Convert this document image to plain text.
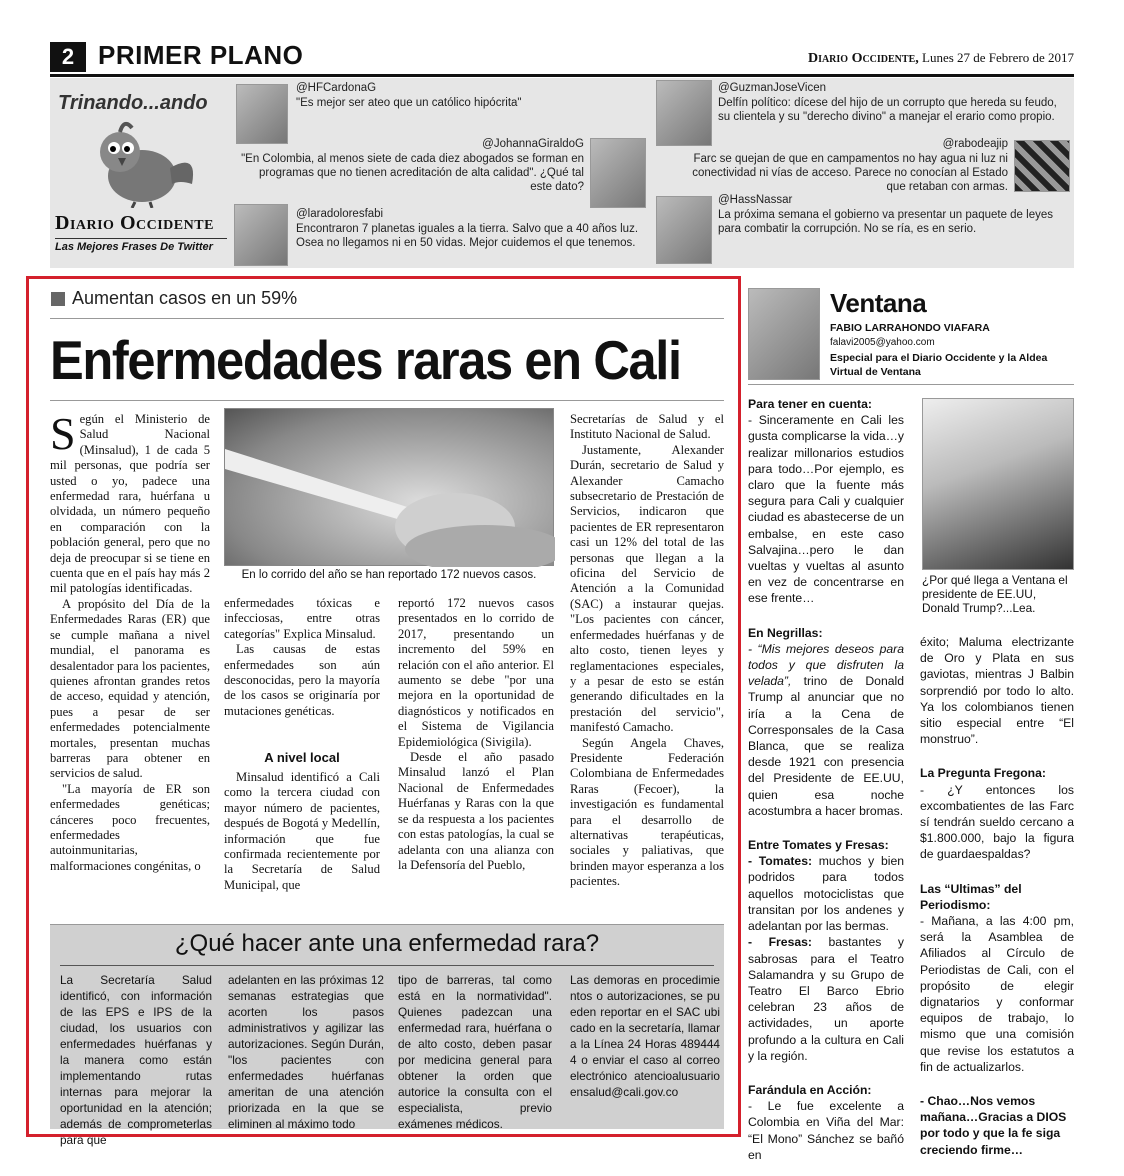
2 PRIMER PLANO	Diario Occidente, Lunes 27 de Febrero de 2017
Trinando...ando
Diario Occidente
Las Mejores Frases De Twitter
@HFCardonaG
"Es mejor ser ateo que un católico hipócrita"
@JohannaGiraldoG
"En Colombia, al menos siete de cada diez abogados se forman en programas que no tienen acreditación de alta calidad". ¿Qué tal este dato?
@laradoloresfabi
Encontraron 7 planetas iguales a la tierra. Salvo que a 40 años luz. Osea no llegamos ni en 50 vidas. Mejor cuidemos el que tenemos.
@GuzmanJoseVicen
Delfín político: dícese del hijo de un corrupto que hereda su feudo, su clientela y su "derecho divino" a manejar el erario como propio.
@rabodeajip
Farc se quejan de que en campamentos no hay agua ni luz ni conectividad ni vías de acceso. Parece no conocían al Estado que retaban con armas.
@HassNassar
La próxima semana el gobierno va presentar un paquete de leyes para combatir la corrupción. No se ría, es en serio.
Aumentan casos en un 59%
Enfermedades raras en Cali

Según el Ministerio de Salud Nacional (Minsalud), 1 de cada 5 mil personas, que podría ser usted o yo, padece una enfermedad rara, huérfana u olvidada, un número pequeño en comparación con la población general, pero que no deja de preocupar si se tiene en cuenta que en el país hay más 2 mil patologías identificadas.

A propósito del Día de la Enfermedades Raras (ER) que se cumple mañana a nivel mundial, el panorama es desalentador para los pacientes, quienes afrontan grandes retos de acceso, equidad y atención, pues a pesar de ser enfermedades potencialmente mortales, presentan muchas barreras para obtener en servicios de salud.

"La mayoría de ER son enfermedades genéticas; cánceres poco frecuentes, enfermedades autoinmunitarias, malformaciones congénitas, o

En lo corrido del año se han reportado 172 nuevos casos.

enfermedades tóxicas e infecciosas, entre otras categorías" Explica Minsalud.

Las causas de estas enfermedades son aún desconocidas, pero la mayoría de los casos se originaría por mutaciones genéticas.

A nivel local

Minsalud identificó a Cali como la tercera ciudad con mayor número de pacientes, después de Bogotá y Medellín, información que fue confirmada recientemente por la Secretaría de Salud Municipal, que

reportó 172 nuevos casos presentados en lo corrido de 2017, presentando un incremento del 59% en relación con el año anterior. El aumento se debe "por una mejora en la oportunidad de diagnósticos y notificados en el Sistema de Vigilancia Epidemiológica (Sivigila).

Desde el año pasado Minsalud lanzó el Plan Nacional de Enfermedades Huérfanas y Raras con la que se da respuesta a los pacientes con estas patologías, la cual se adelanta con una alianza con la Defensoría del Pueblo,

Secretarías de Salud y el Instituto Nacional de Salud.

Justamente, Alexander Durán, secretario de Salud y Alexander Camacho subsecretario de Prestación de Servicios, indicaron que pacientes de ER representaron casi un 12% del total de las personas que llegan a la oficina del Servicio de Atención a la Comunidad (SAC) a instaurar quejas. "Los pacientes con cáncer, enfermedades huérfanas y de alto costo, tienen leyes y reglamentaciones especiales, y a pesar de esto se están generando dificultades en la prestación del servicio", manifestó Camacho.

Según Angela Chaves, Presidente Federación Colombiana de Enfermedades Raras (Fecoer), la investigación es fundamental para el desarrollo de alternativas terapéuticas, sociales y paliativas, que brinden mayor esperanza a los pacientes.

¿Qué hacer ante una enfermedad rara?
La Secretaría Salud identificó, con información de las EPS e IPS de la ciudad, los usuarios con enfermedades huérfanas y la manera como están implementando rutas internas para mejorar la oportunidad en la atención; además de comprometerlas para que
adelanten en las próximas 12 semanas estrategias que acorten los pasos administrativos y agilizar las autorizaciones. Según Durán, "los pacientes con enfermedades huérfanas ameritan de una atención priorizada en la que se eliminen al máximo todo
tipo de barreras, tal como está en la normatividad". Quienes padezcan una enfermedad rara, huérfana o de alto costo, deben pasar por medicina general para obtener la orden que autorice la consulta con el especialista, previo exámenes médicos.
Las demoras en procedimientos o autorizaciones, se pueden reportar en el SAC ubicado en la secretaría, llamar a la Línea 24 Horas 4894444 o enviar el caso al correo electrónico atencioalusuarioensalud@cali.gov.co
Ventana
FABIO LARRAHONDO VIAFARA
falavi2005@yahoo.com
Especial para el Diario Occidente y la Aldea Virtual de Ventana
¿Por qué llega a Ventana el presidente de EE.UU, Donald Trump?...Lea.

Para tener en cuenta:

- Sinceramente en Cali les gusta complicarse la vida…y realizar millonarios estudios para todo…Por ejemplo, es claro que la fuente más segura para Cali y cualquier ciudad es abastecerse de un embalse, en este caso Salvajina…pero le dan vueltas y vueltas al asunto en vez de concentrarse en ese frente…

En Negrillas:

- “Mis mejores deseos para todos y que disfruten la velada”, trino de Donald Trump al anunciar que no iría a la Cena de Corresponsales de la Casa Blanca, que se realiza desde 1921 con presencia del Presidente de EE.UU, quien esa noche acostumbra a hacer bromas.

Entre Tomates y Fresas:

- Tomates: muchos y bien podridos para todos aquellos motociclistas que transitan por los andenes y adelantan por las bermas.

- Fresas: bastantes y sabrosas para el Teatro Salamandra y su Grupo de Teatro El Barco Ebrio celebran 23 años de actividades, un aporte profundo a la cultura en Cali y la región.

Farándula en Acción:

- Le fue excelente a Colombia en Viña del Mar: “El Mono” Sánchez se bañó en

éxito; Maluma electrizante de Oro y Plata en sus gaviotas, mientras J Balbin sorprendió por todo lo alto. Ya los colombianos tienen sitio especial entre “El monstruo”.

La Pregunta Fregona:

- ¿Y entonces los excombatientes de las Farc sí tendrán sueldo cercano a $1.800.000, bajo la figura de guardaespaldas?

Las “Ultimas” del Periodismo:

- Mañana, a las 4:00 pm, será la Asamblea de Afiliados al Círculo de Periodistas de Cali, con el propósito de elegir dignatarios y conformar equipos de trabajo, lo mismo que una comisión que revise los estatutos a fin de actualizarlos.

- Chao…Nos vemos mañana…Gracias a DIOS por todo y que la fe siga creciendo firme…
